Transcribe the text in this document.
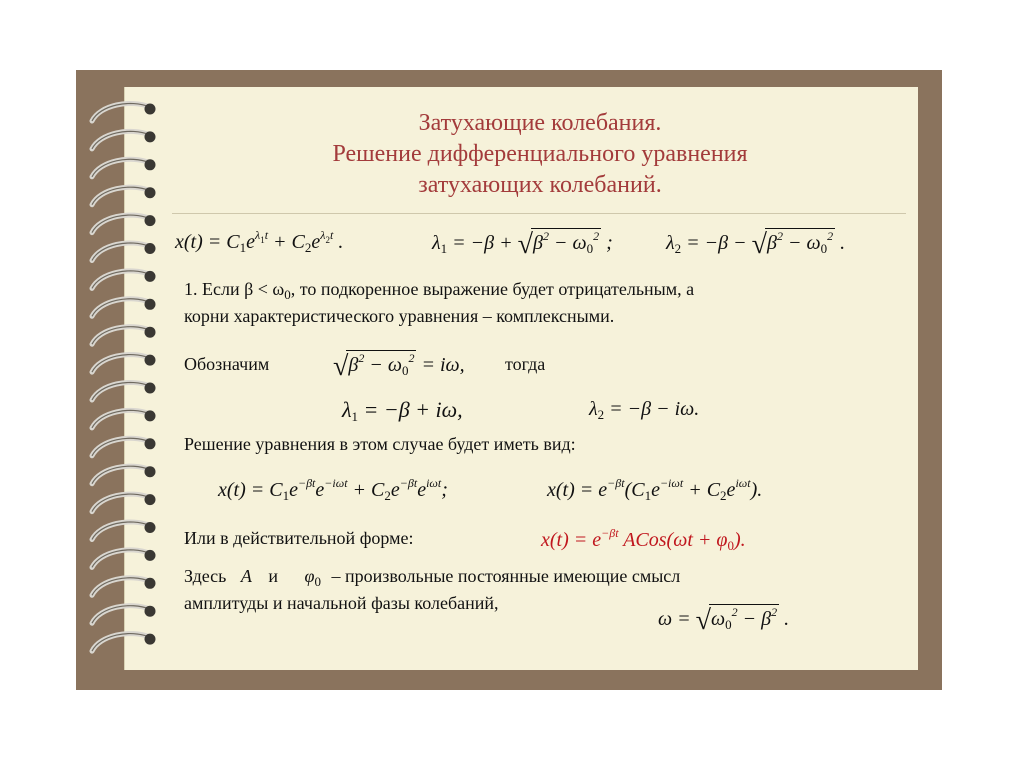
Затухающие колебания.
Решение дифференциального уравнения
затухающих колебаний.
$x(t) = C_1e^{\lambda_1t} + C_2e^{\lambda_2t}$ .	$\lambda_1 = -\beta + √\beta^2 - \omega_0^2$ ;	$\lambda_2 = -\beta - √\beta^2 - \omega_0^2$ .
1. Если $\beta < \omega_0$, то подкоренное выражение будет отрицательным, а
корни характеристического уравнения – комплексными.
Обозначим $√\beta^2 - \omega_0^2 = i\omega$, тогда
$\lambda_1 = -\beta + i\omega$,	$\lambda_2 = -\beta - i\omega$.
Решение уравнения в этом случае будет иметь вид:
$x(t) = C_1e^{-\beta t}e^{-i\omega t} + C_2e^{-\beta t}e^{i\omega t}$;	$x(t) = e^{-\beta t}(C_1e^{-i\omega t} + C_2e^{i\omega t})$.
Или в действительной форме:	$x(t) = e^{-\beta t}$ ACos(ωt + $\varphi_0$).
Здесь A и $\varphi_0$ – произвольные постоянные имеющие смысл
амплитуды и начальной фазы колебаний,
$\omega = √\omega_0^2 - \beta^2$ .
